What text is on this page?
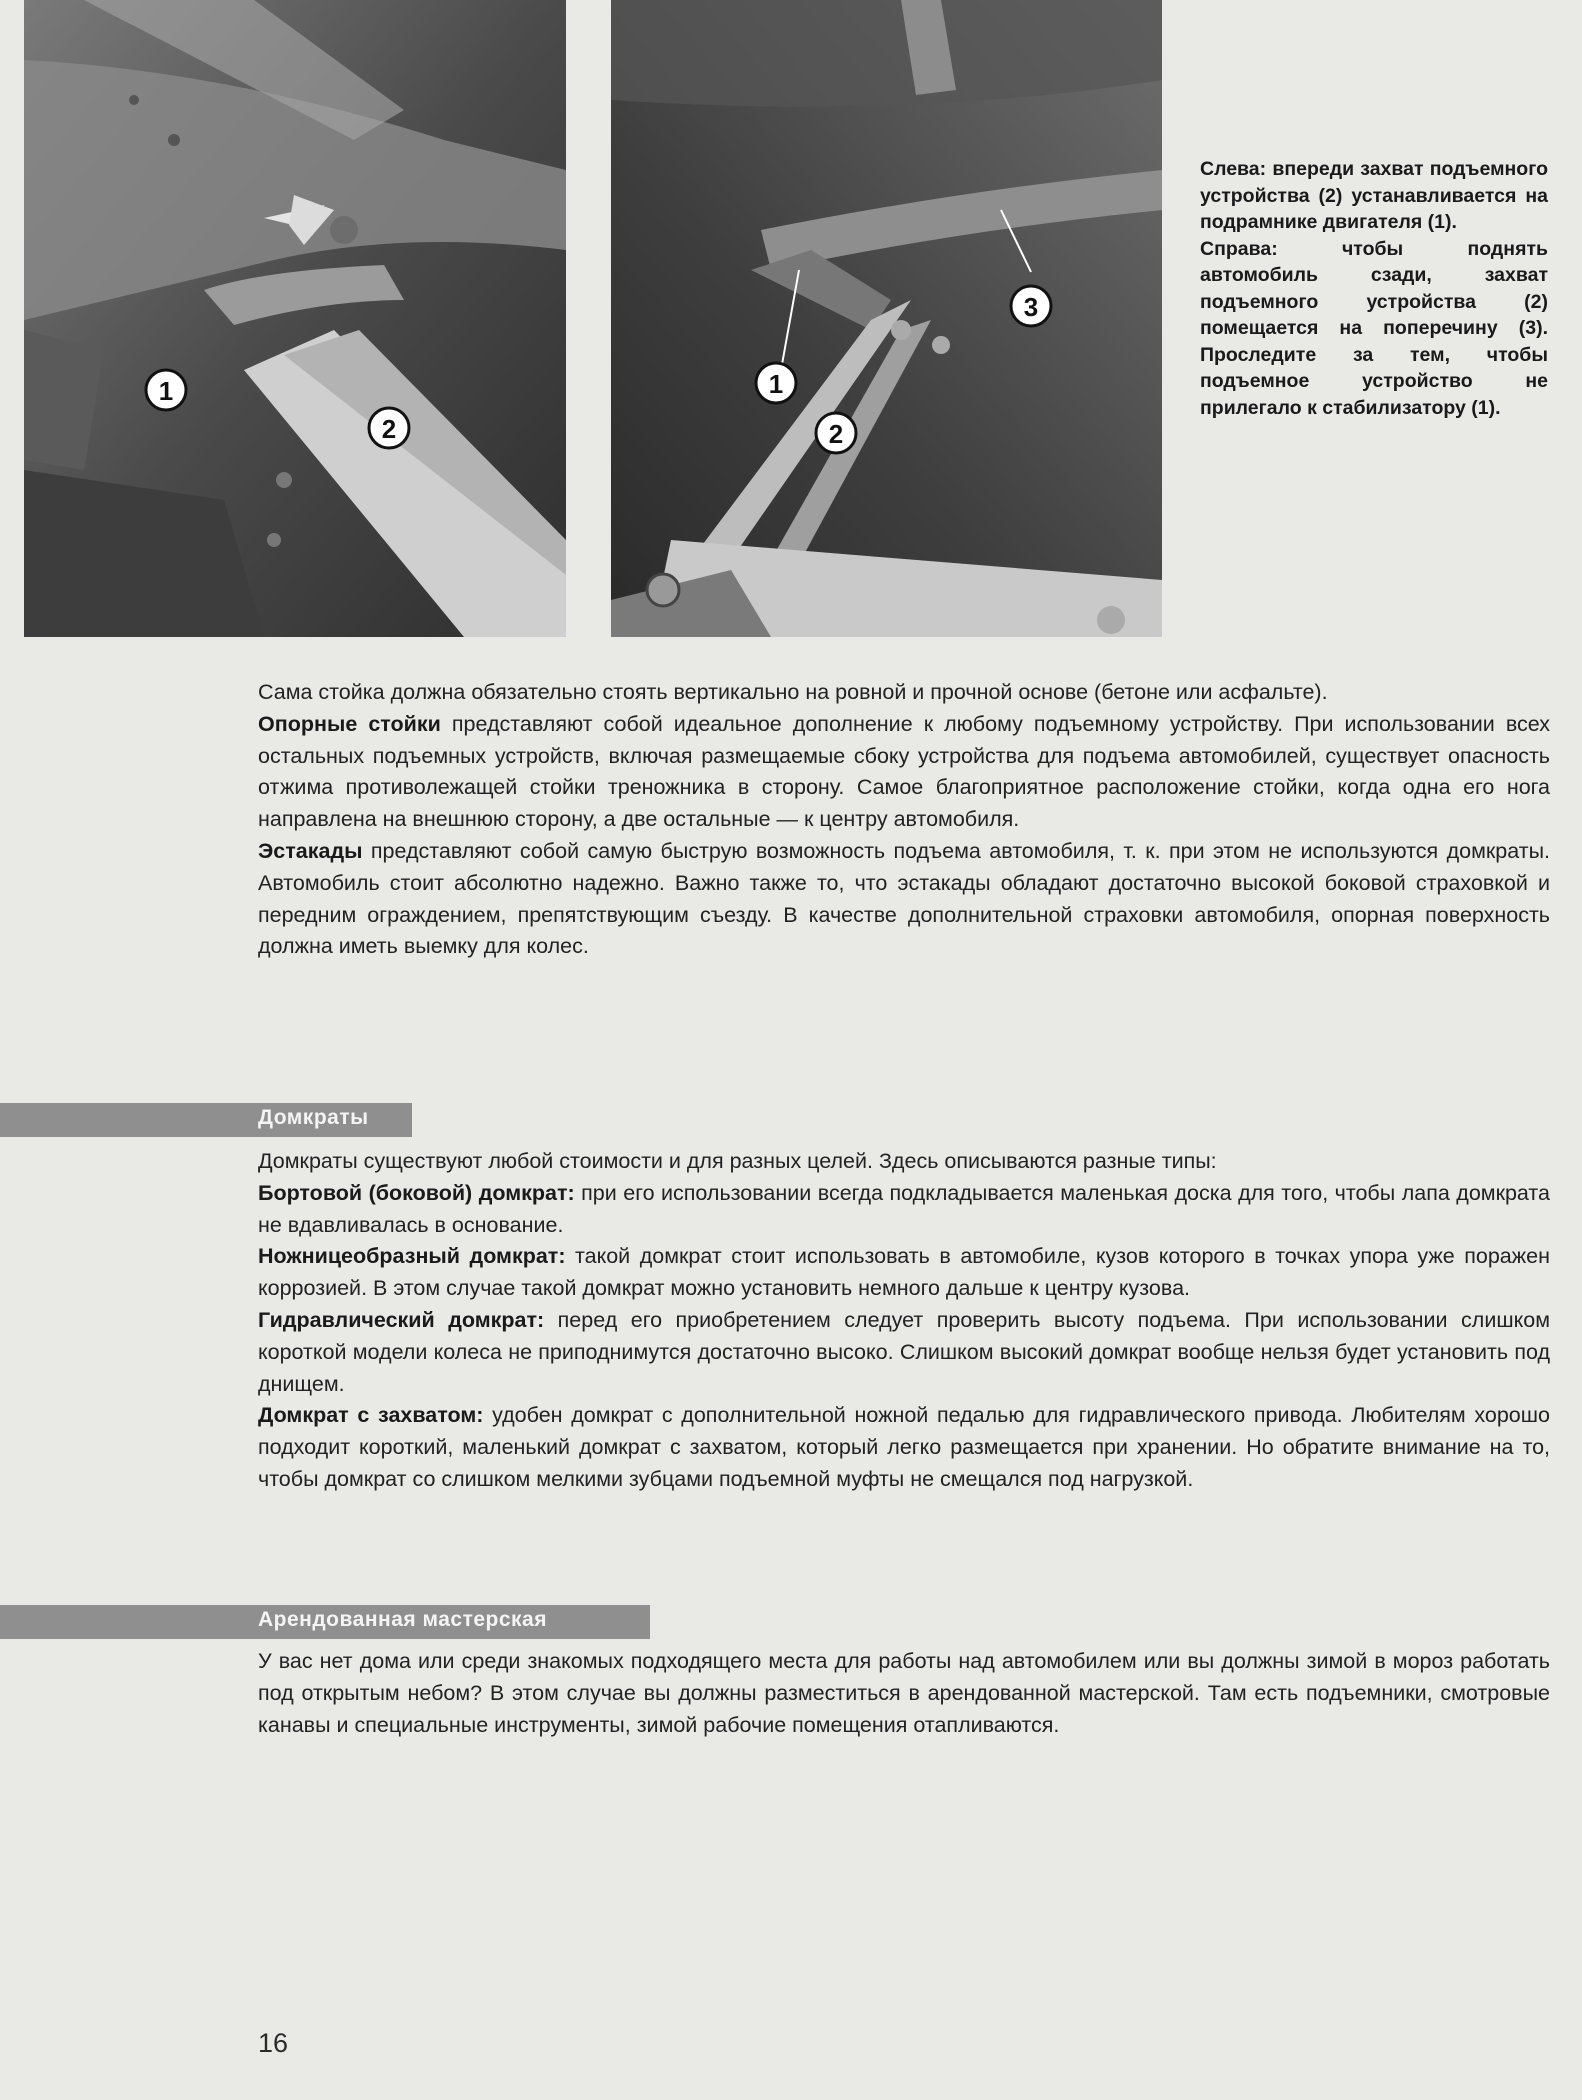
1
2
3
1
2

Слева: впереди захват подъемного устройства (2) устанавливается на подрамнике двигателя (1).

Справа: чтобы поднять автомобиль сзади, захват подъемного устройства (2) помещается на поперечину (3). Проследите за тем, чтобы подъемное устройство не прилегало к стабилизатору (1).

Сама стойка должна обязательно стоять вертикально на ровной и прочной основе (бетоне или асфальте).

Опорные стойки представляют собой идеальное дополнение к любому подъемному устройству. При использовании всех остальных подъемных устройств, включая размещаемые сбоку устройства для подъема автомобилей, существует опасность отжима противолежащей стойки треножника в сторону. Самое благоприятное расположение стойки, когда одна его нога направлена на внешнюю сторону, а две остальные — к центру автомобиля.

Эстакады представляют собой самую быструю возможность подъема автомобиля, т. к. при этом не используются домкраты. Автомобиль стоит абсолютно надежно. Важно также то, что эстакады обладают достаточно высокой боковой страховкой и передним ограждением, препятствующим съезду. В качестве дополнительной страховки автомобиля, опорная поверхность должна иметь выемку для колес.

Домкраты

Домкраты существуют любой стоимости и для разных целей. Здесь описываются разные типы:

Бортовой (боковой) домкрат: при его использовании всегда подкладывается маленькая доска для того, чтобы лапа домкрата не вдавливалась в основание.

Ножницеобразный домкрат: такой домкрат стоит использовать в автомобиле, кузов которого в точках упора уже поражен коррозией. В этом случае такой домкрат можно установить немного дальше к центру кузова.

Гидравлический домкрат: перед его приобретением следует проверить высоту подъема. При использовании слишком короткой модели колеса не приподнимутся достаточно высоко. Слишком высокий домкрат вообще нельзя будет установить под днищем.

Домкрат с захватом: удобен домкрат с дополнительной ножной педалью для гидравлического привода. Любителям хорошо подходит короткий, маленький домкрат с захватом, который легко размещается при хранении. Но обратите внимание на то, чтобы домкрат со слишком мелкими зубцами подъемной муфты не смещался под нагрузкой.

Арендованная мастерская

У вас нет дома или среди знакомых подходящего места для работы над автомобилем или вы должны зимой в мороз работать под открытым небом? В этом случае вы должны разместиться в арендованной мастерской. Там есть подъемники, смотровые канавы и специальные инструменты, зимой рабочие помещения отапливаются.

16
